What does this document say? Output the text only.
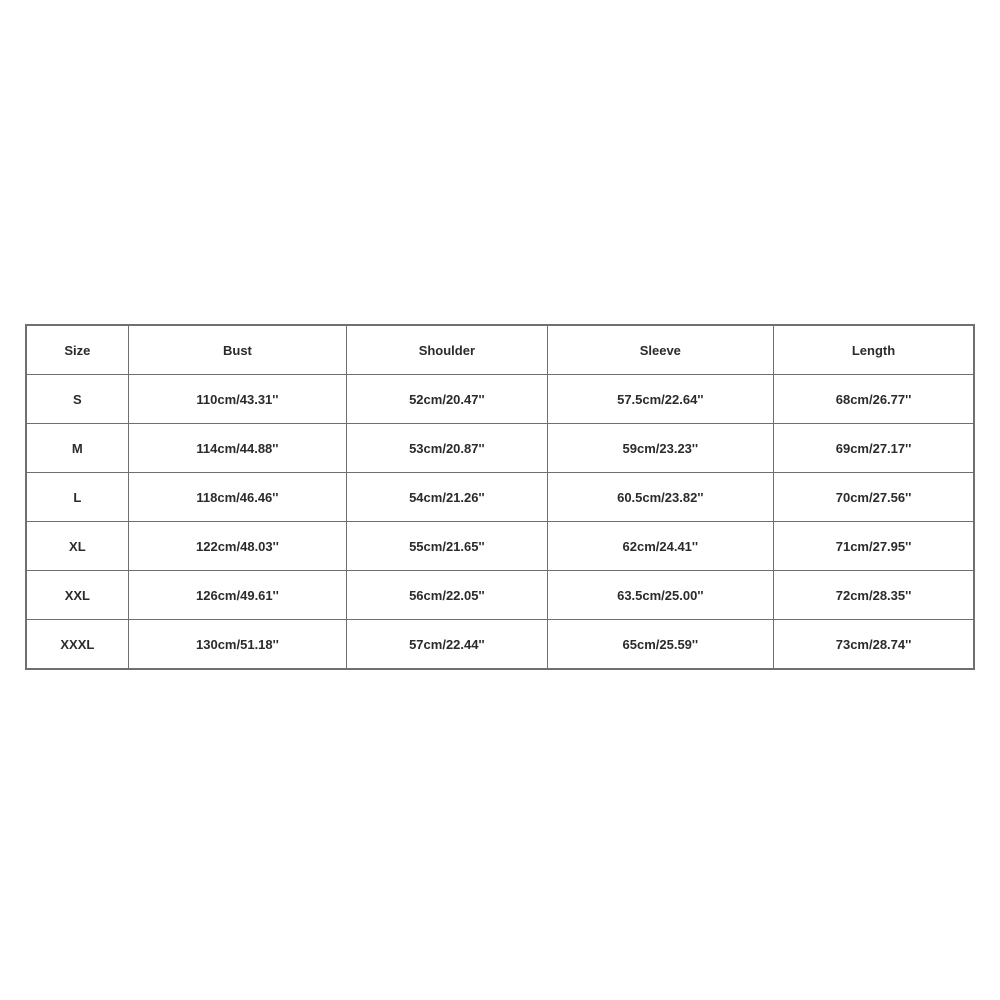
Size	Bust	Shoulder	Sleeve	Length
S	110cm/43.31''	52cm/20.47''	57.5cm/22.64''	68cm/26.77''
M	114cm/44.88''	53cm/20.87''	59cm/23.23''	69cm/27.17''
L	118cm/46.46''	54cm/21.26''	60.5cm/23.82''	70cm/27.56''
XL	122cm/48.03''	55cm/21.65''	62cm/24.41''	71cm/27.95''
XXL	126cm/49.61''	56cm/22.05''	63.5cm/25.00''	72cm/28.35''
XXXL	130cm/51.18''	57cm/22.44''	65cm/25.59''	73cm/28.74''
